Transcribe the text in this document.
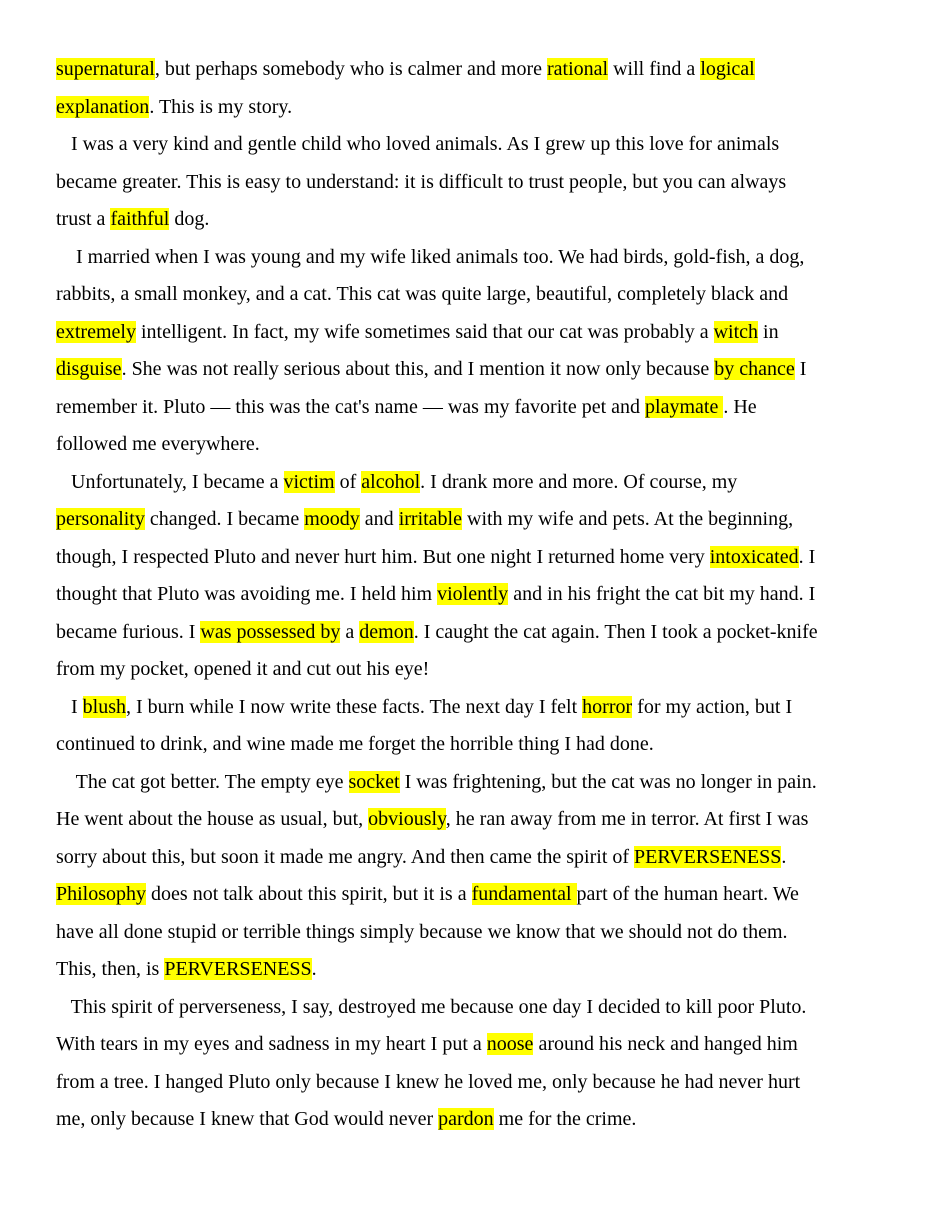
supernatural, but perhaps somebody who is calmer and more rational will find a logical
explanation. This is my story.
I was a very kind and gentle child who loved animals. As I grew up this love for animals
became greater. This is easy to understand: it is difficult to trust people, but you can always
trust a faithful dog.
I married when I was young and my wife liked animals too. We had birds, gold-fish, a dog,
rabbits, a small monkey, and a cat. This cat was quite large, beautiful, completely black and
extremely intelligent. In fact, my wife sometimes said that our cat was probably a witch in
disguise. She was not really serious about this, and I mention it now only because by chance I
remember it. Pluto — this was the cat's name — was my favorite pet and playmate . He
followed me everywhere.
Unfortunately, I became a victim of alcohol. I drank more and more. Of course, my
personality changed. I became moody and irritable with my wife and pets. At the beginning,
though, I respected Pluto and never hurt him. But one night I returned home very intoxicated. I
thought that Pluto was avoiding me. I held him violently and in his fright the cat bit my hand. I
became furious. I was possessed by a demon. I caught the cat again. Then I took a pocket-knife
from my pocket, opened it and cut out his eye!
I blush, I burn while I now write these facts. The next day I felt horror for my action, but I
continued to drink, and wine made me forget the horrible thing I had done.
The cat got better. The empty eye socket I was frightening, but the cat was no longer in pain.
He went about the house as usual, but, obviously, he ran away from me in terror. At first I was
sorry about this, but soon it made me angry. And then came the spirit of PERVERSENESS.
Philosophy does not talk about this spirit, but it is a fundamental part of the human heart. We
have all done stupid or terrible things simply because we know that we should not do them.
This, then, is PERVERSENESS.
This spirit of perverseness, I say, destroyed me because one day I decided to kill poor Pluto.
With tears in my eyes and sadness in my heart I put a noose around his neck and hanged him
from a tree. I hanged Pluto only because I knew he loved me, only because he had never hurt
me, only because I knew that God would never pardon me for the crime.
